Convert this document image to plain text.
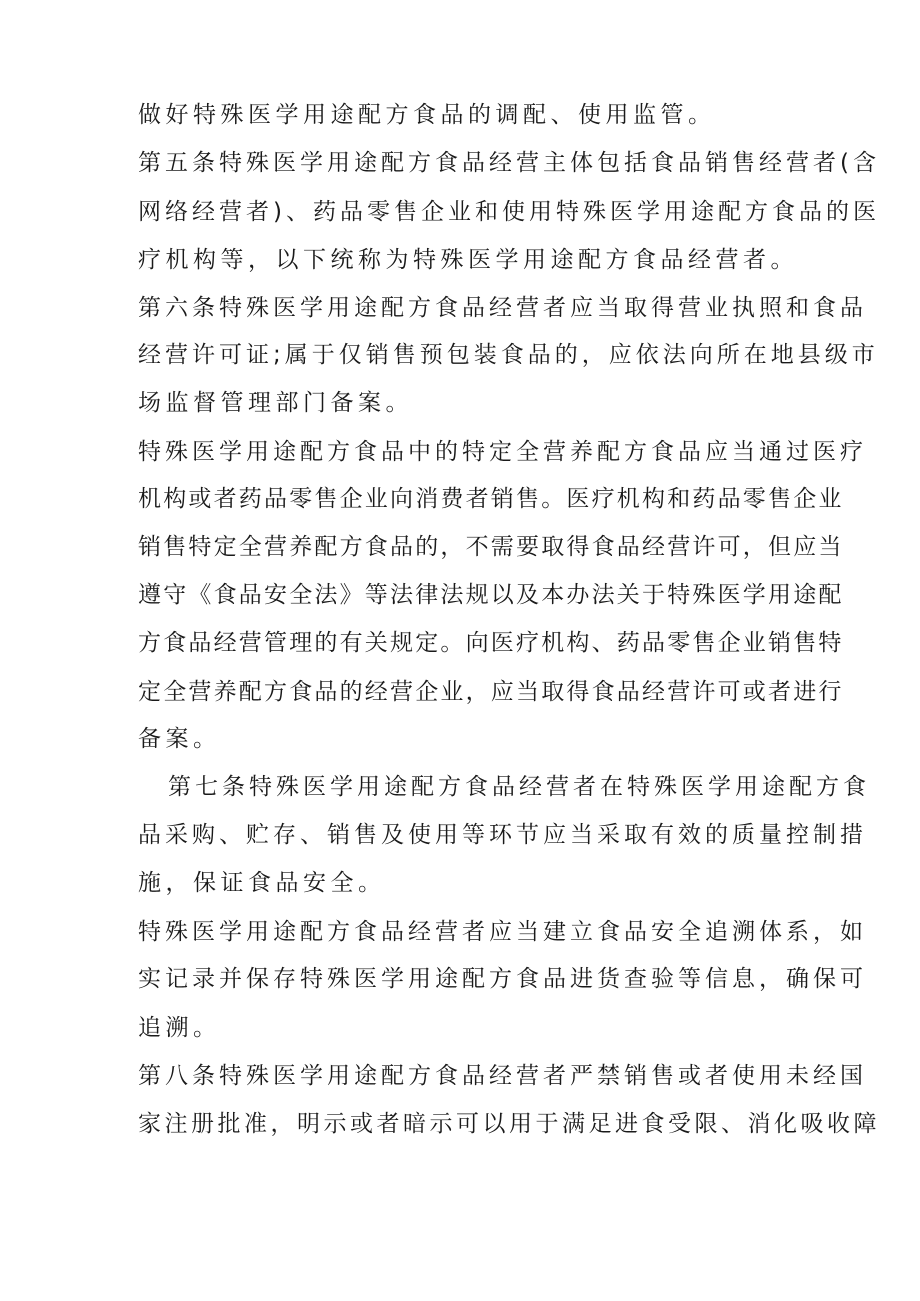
做好特殊医学用途配方食品的调配、使用监管。
第五条特殊医学用途配方食品经营主体包括食品销售经营者(含
网络经营者)、药品零售企业和使用特殊医学用途配方食品的医
疗机构等，以下统称为特殊医学用途配方食品经营者。
第六条特殊医学用途配方食品经营者应当取得营业执照和食品
经营许可证;属于仅销售预包装食品的，应依法向所在地县级市
场监督管理部门备案。
特殊医学用途配方食品中的特定全营养配方食品应当通过医疗
机构或者药品零售企业向消费者销售。医疗机构和药品零售企业
销售特定全营养配方食品的，不需要取得食品经营许可，但应当
遵守《食品安全法》等法律法规以及本办法关于特殊医学用途配
方食品经营管理的有关规定。向医疗机构、药品零售企业销售特
定全营养配方食品的经营企业，应当取得食品经营许可或者进行
备案。
第七条特殊医学用途配方食品经营者在特殊医学用途配方食
品采购、贮存、销售及使用等环节应当采取有效的质量控制措
施，保证食品安全。
特殊医学用途配方食品经营者应当建立食品安全追溯体系，如
实记录并保存特殊医学用途配方食品进货查验等信息，确保可
追溯。
第八条特殊医学用途配方食品经营者严禁销售或者使用未经国
家注册批准，明示或者暗示可以用于满足进食受限、消化吸收障
